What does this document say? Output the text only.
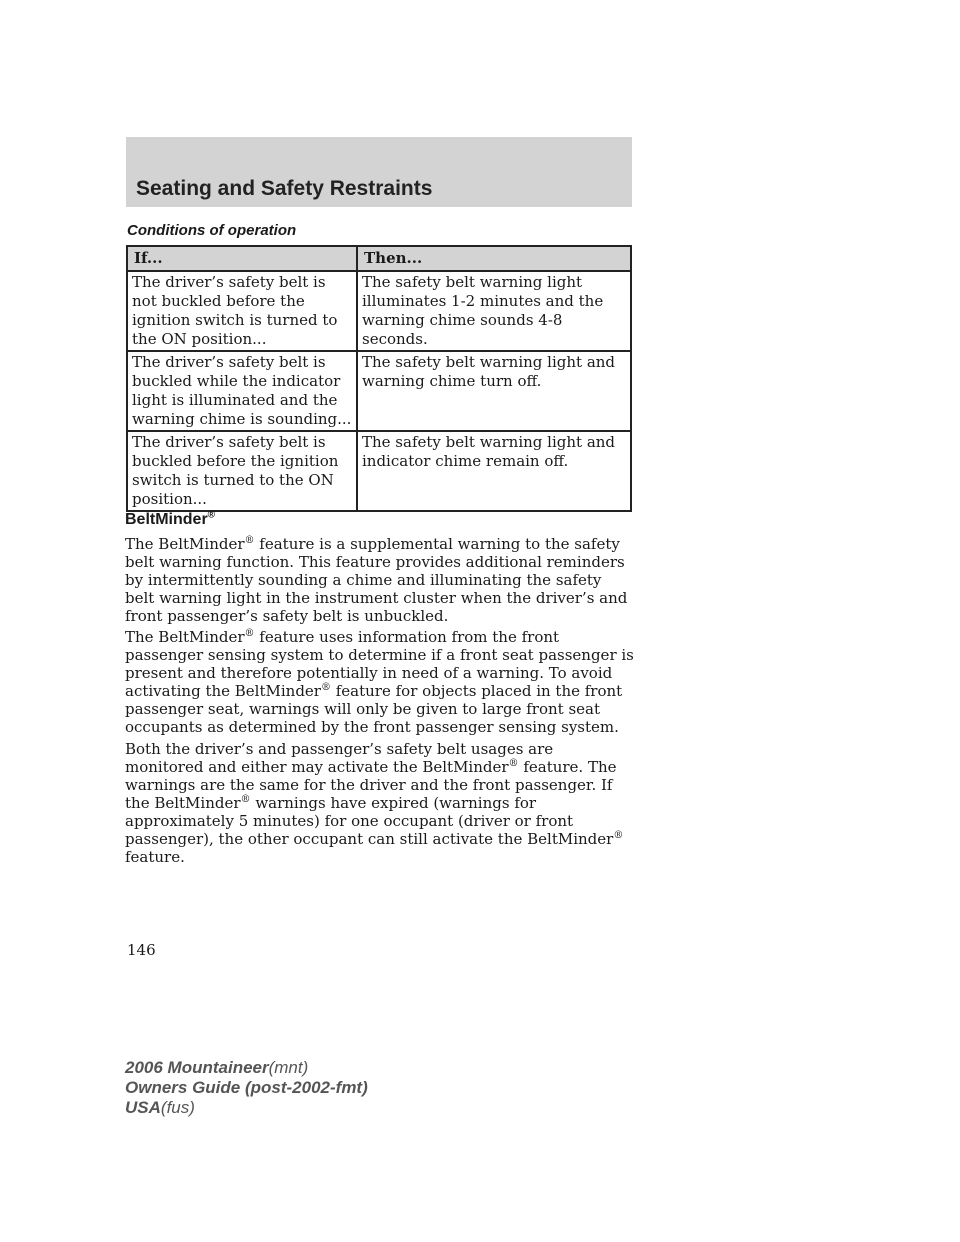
Seating and Safety Restraints
Conditions of operation
If...	Then...
The driver’s safety belt is not buckled before the ignition switch is turned to the ON position...	The safety belt warning light illuminates 1-2 minutes and the warning chime sounds 4-8 seconds.
The driver’s safety belt is buckled while the indicator light is illuminated and the warning chime is sounding...	The safety belt warning light and warning chime turn off.
The driver’s safety belt is buckled before the ignition switch is turned to the ON position...	The safety belt warning light and indicator chime remain off.
BeltMinder®

The BeltMinder® feature is a supplemental warning to the safety belt warning function. This feature provides additional reminders by intermittently sounding a chime and illuminating the safety belt warning light in the instrument cluster when the driver’s and front passenger’s safety belt is unbuckled.

The BeltMinder® feature uses information from the front passenger sensing system to determine if a front seat passenger is present and therefore potentially in need of a warning. To avoid activating the BeltMinder® feature for objects placed in the front passenger seat, warnings will only be given to large front seat occupants as determined by the front passenger sensing system.

Both the driver’s and passenger’s safety belt usages are monitored and either may activate the BeltMinder® feature. The warnings are the same for the driver and the front passenger. If the BeltMinder® warnings have expired (warnings for approximately 5 minutes) for one occupant (driver or front passenger), the other occupant can still activate the BeltMinder® feature.

146
2006 Mountaineer(mnt)
Owners Guide (post-2002-fmt)
USA(fus)
